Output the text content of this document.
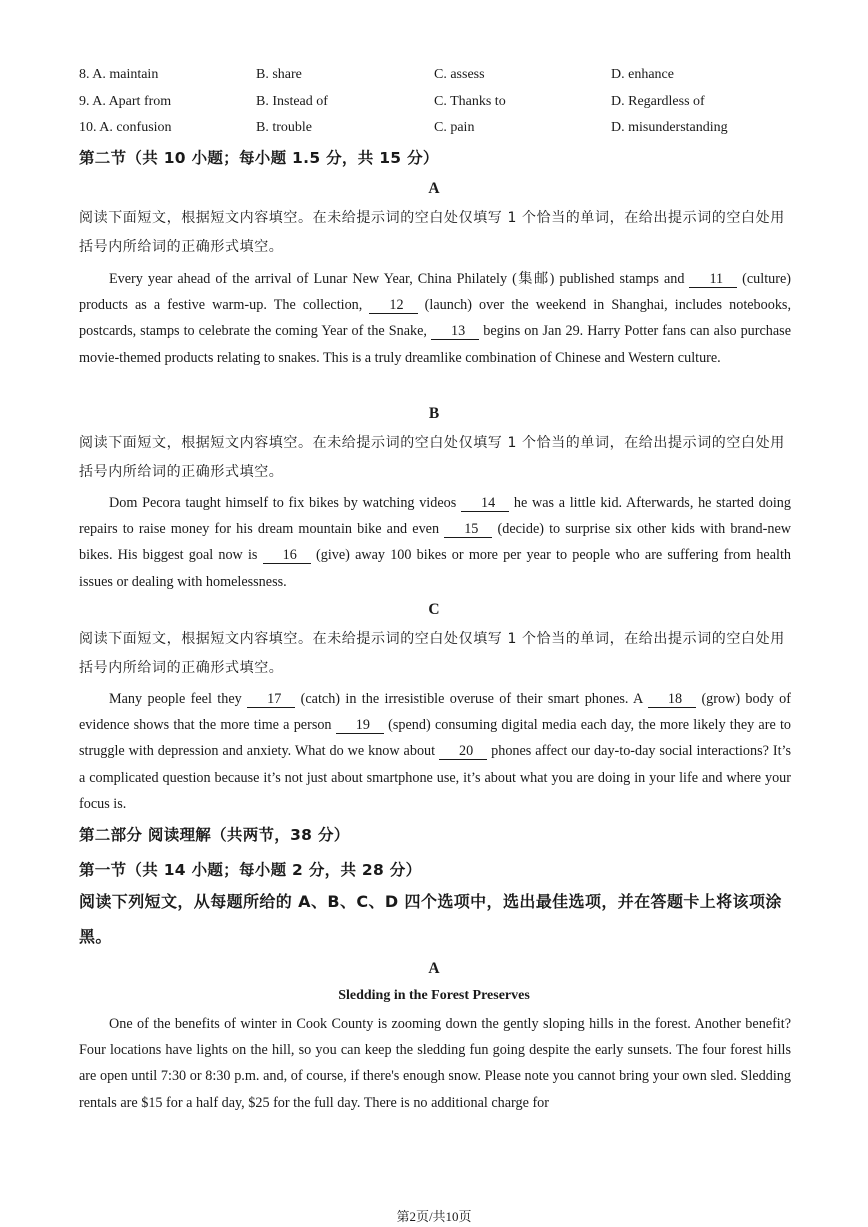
8. A. maintain	B. share	C. assess	D. enhance
9. A. Apart from	B. Instead of	C. Thanks to	D. Regardless of
10. A. confusion	B. trouble	C. pain	D. misunderstanding
第二节（共 10 小题；每小题 1.5 分，共 15 分）
A
阅读下面短文，根据短文内容填空。在未给提示词的空白处仅填写 1 个恰当的单词，在给出提示词的空白处用括号内所给词的正确形式填空。
Every year ahead of the arrival of Lunar New Year, China Philately (集邮) published stamps and 11 (culture) products as a festive warm-up. The collection, 12 (launch) over the weekend in Shanghai, includes notebooks, postcards, stamps to celebrate the coming Year of the Snake, 13 begins on Jan 29. Harry Potter fans can also purchase movie-themed products relating to snakes. This is a truly dreamlike combination of Chinese and Western culture.
B
阅读下面短文，根据短文内容填空。在未给提示词的空白处仅填写 1 个恰当的单词，在给出提示词的空白处用括号内所给词的正确形式填空。
Dom Pecora taught himself to fix bikes by watching videos 14 he was a little kid. Afterwards, he started doing repairs to raise money for his dream mountain bike and even 15 (decide) to surprise six other kids with brand-new bikes. His biggest goal now is 16 (give) away 100 bikes or more per year to people who are suffering from health issues or dealing with homelessness.
C
阅读下面短文，根据短文内容填空。在未给提示词的空白处仅填写 1 个恰当的单词，在给出提示词的空白处用括号内所给词的正确形式填空。
Many people feel they 17 (catch) in the irresistible overuse of their smart phones. A 18 (grow) body of evidence shows that the more time a person 19 (spend) consuming digital media each day, the more likely they are to struggle with depression and anxiety. What do we know about 20 phones affect our day-to-day social interactions? It’s a complicated question because it’s not just about smartphone use, it’s about what you are doing in your life and where your focus is.
第二部分 阅读理解（共两节，38 分）
第一节（共 14 小题；每小题 2 分，共 28 分）
阅读下列短文，从每题所给的 A、B、C、D 四个选项中，选出最佳选项，并在答题卡上将该项涂黑。
A
Sledding in the Forest Preserves
One of the benefits of winter in Cook County is zooming down the gently sloping hills in the forest. Another benefit? Four locations have lights on the hill, so you can keep the sledding fun going despite the early sunsets. The four forest hills are open until 7:30 or 8:30 p.m. and, of course, if there's enough snow. Please note you cannot bring your own sled. Sledding rentals are $15 for a half day, $25 for the full day. There is no additional charge for
第2页/共10页
